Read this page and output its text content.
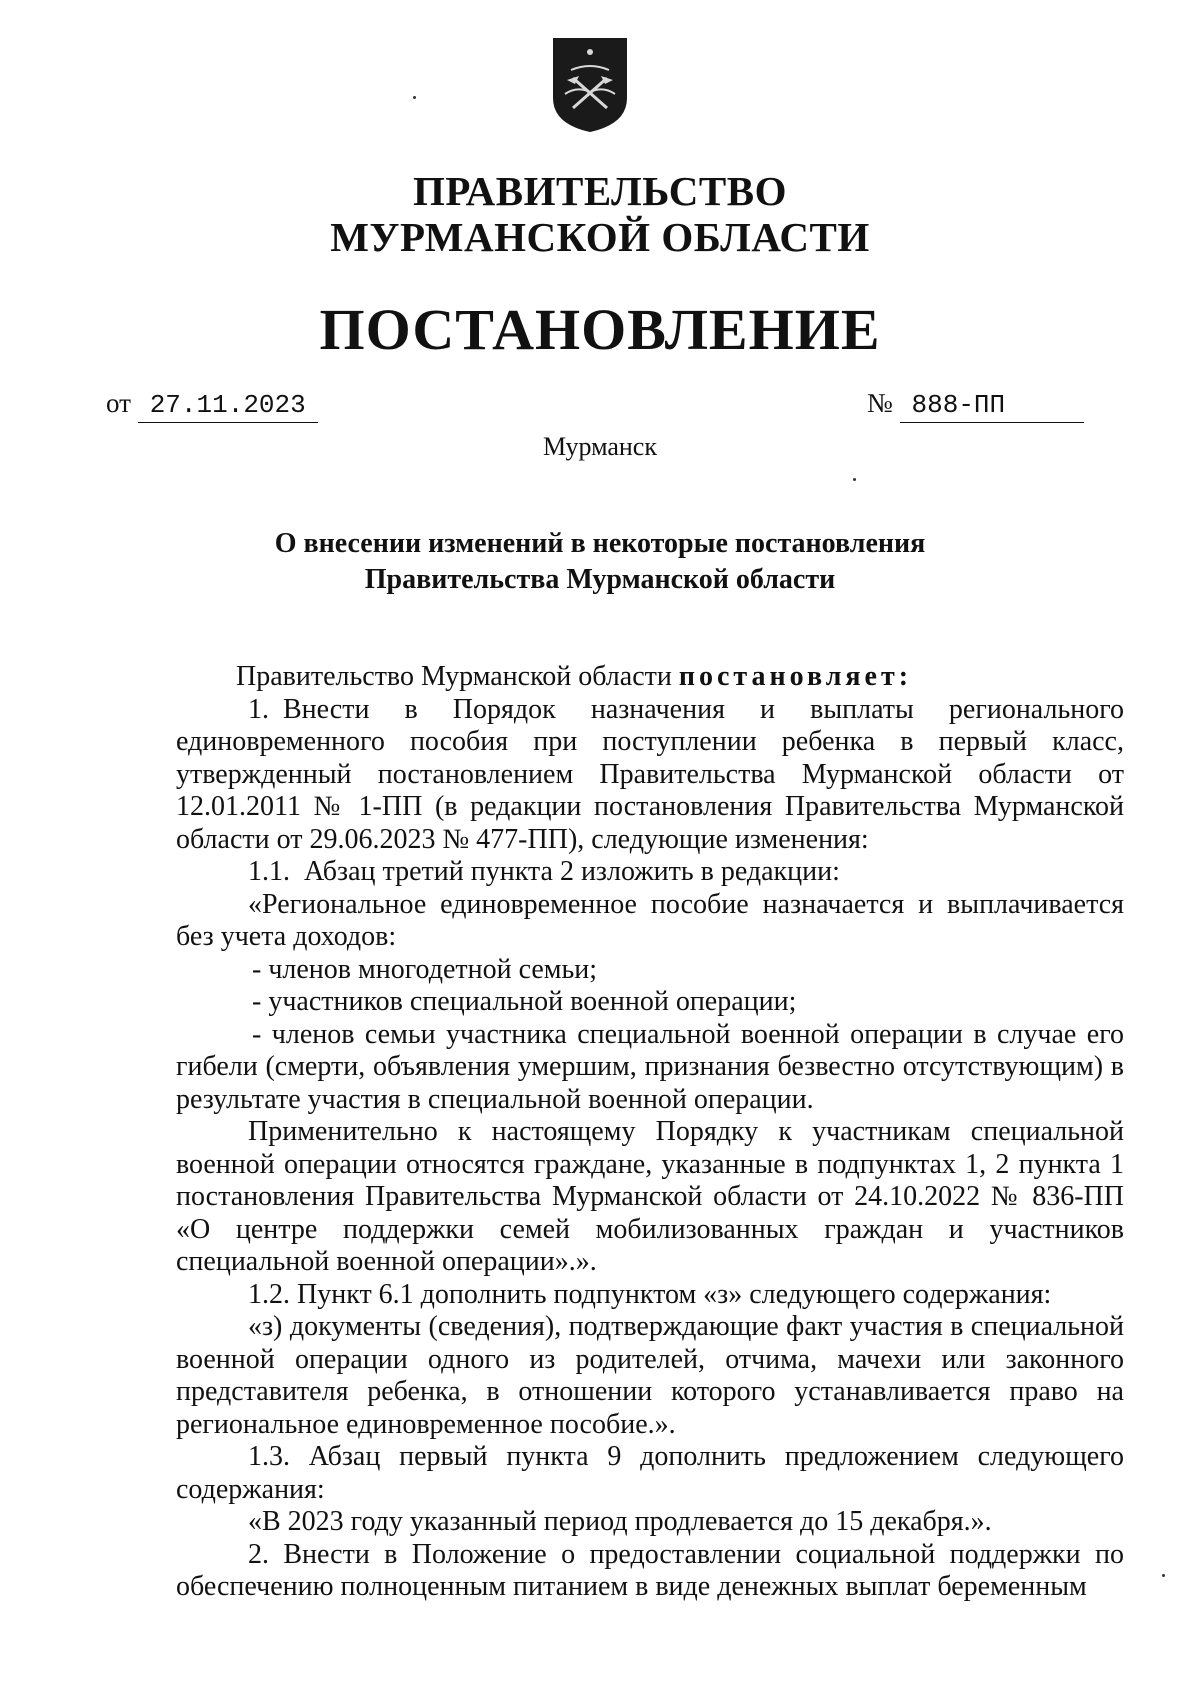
ПРАВИТЕЛЬСТВО
МУРМАНСКОЙ ОБЛАСТИ
ПОСТАНОВЛЕНИЕ
от 27.11.2023	№ 888-ПП
Мурманск
О внесении изменений в некоторые постановления
Правительства Мурманской области

Правительство Мурманской области постановляет:

1. Внести в Порядок назначения и выплаты регионального единовременного пособия при поступлении ребенка в первый класс, утвержденный постановлением Правительства Мурманской области от 12.01.2011 № 1-ПП (в редакции постановления Правительства Мурманской области от 29.06.2023 № 477-ПП), следующие изменения:

1.1. Абзац третий пункта 2 изложить в редакции:

«Региональное единовременное пособие назначается и выплачивается без учета доходов:

- членов многодетной семьи;

- участников специальной военной операции;

- членов семьи участника специальной военной операции в случае его гибели (смерти, объявления умершим, признания безвестно отсутствующим) в результате участия в специальной военной операции.

Применительно к настоящему Порядку к участникам специальной военной операции относятся граждане, указанные в подпунктах 1, 2 пункта 1 постановления Правительства Мурманской области от 24.10.2022 № 836-ПП «О центре поддержки семей мобилизованных граждан и участников специальной военной операции».».

1.2. Пункт 6.1 дополнить подпунктом «з» следующего содержания:

«з) документы (сведения), подтверждающие факт участия в специальной военной операции одного из родителей, отчима, мачехи или законного представителя ребенка, в отношении которого устанавливается право на региональное единовременное пособие.».

1.3. Абзац первый пункта 9 дополнить предложением следующего содержания:

«В 2023 году указанный период продлевается до 15 декабря.».

2. Внести в Положение о предоставлении социальной поддержки по обеспечению полноценным питанием в виде денежных выплат беременным
